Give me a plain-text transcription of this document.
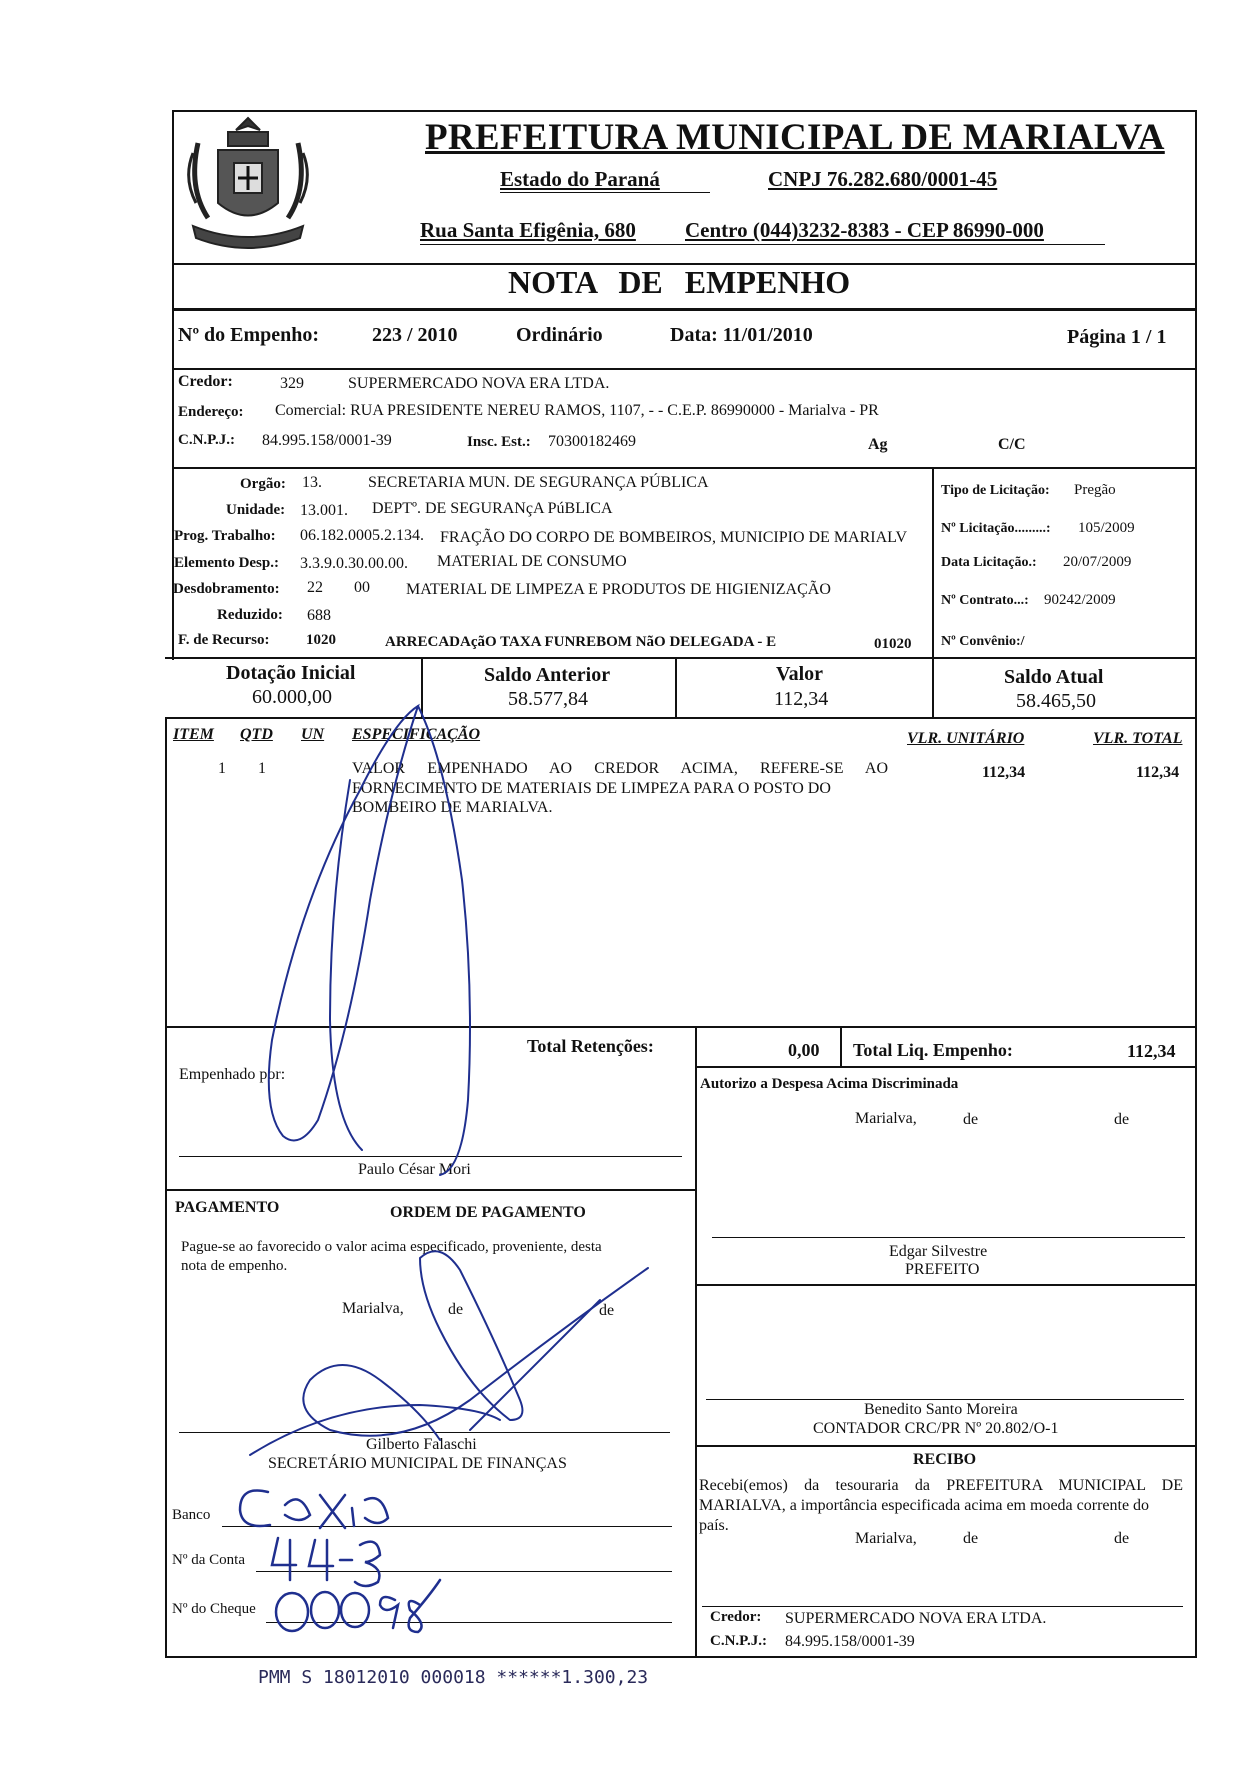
PREFEITURA MUNICIPAL DE MARIALVA
Estado do Paraná	CNPJ 76.282.680/0001-45
Rua Santa Efigênia, 680 Centro (044)3232-8383 - CEP 86990-000
NOTA DE EMPENHO
Nº do Empenho:	223 / 2010	Ordinário	Data: 11/01/2010	Página 1 / 1
Credor:	329	SUPERMERCADO NOVA ERA LTDA.
Endereço: Comercial: RUA PRESIDENTE NEREU RAMOS, 1107, - - C.E.P. 86990000 - Marialva - PR
C.N.P.J.: 84.995.158/0001-39	Insc. Est.: 70300182469	Ag	C/C
Orgão: 13.	SECRETARIA MUN. DE SEGURANÇA PÚBLICA
Unidade: 13.001. DEPTº. DE SEGURANçA PúBLICA
Prog. Trabalho: 06.182.0005.2.134. FRAÇÃO DO CORPO DE BOMBEIROS, MUNICIPIO DE MARIALV
Elemento Desp.: 3.3.9.0.30.00.00. MATERIAL DE CONSUMO
Desdobramento: 22 00 MATERIAL DE LIMPEZA E PRODUTOS DE HIGIENIZAÇÃO
Reduzido: 688
F. de Recurso: 1020	ARRECADAçãO TAXA FUNREBOM NãO DELEGADA - E	01020
Tipo de Licitação: Pregão
Nº Licitação.........: 105/2009
Data Licitação.: 20/07/2009
Nº Contrato...: 90242/2009
Nº Convênio:/
Dotação Inicial
60.000,00
Saldo Anterior
58.577,84
Valor
112,34
Saldo Atual
58.465,50
ITEM QTD UN ESPECIFICAÇÃO	VLR. UNITÁRIO	VLR. TOTAL
1 1	VALOR EMPENHADO AO CREDOR ACIMA, REFERE-SE AO
FORNECIMENTO DE MATERIAIS DE LIMPEZA PARA O POSTO DO
BOMBEIRO DE MARIALVA.
112,34	112,34
Total Retenções:	0,00 Total Liq. Empenho:	112,34
Empenhado por:
Paulo César Mori
Autorizo a Despesa Acima Discriminada
Marialva,	de	de
Edgar Silvestre
PREFEITO
PAGAMENTO	ORDEM DE PAGAMENTO
Pague-se ao favorecido o valor acima especificado, proveniente, desta
nota de empenho.
Marialva,	de	de
Gilberto Falaschi
SECRETÁRIO MUNICIPAL DE FINANÇAS
Banco
Nº da Conta
Nº do Cheque
Benedito Santo Moreira
CONTADOR CRC/PR Nº 20.802/O-1
RECIBO
Recebi(emos) da tesouraria da PREFEITURA MUNICIPAL DE
MARIALVA, a importância especificada acima em moeda corrente do
país.
Marialva,	de	de
Credor: SUPERMERCADO NOVA ERA LTDA.
C.N.P.J.: 84.995.158/0001-39
PMM S 18012010 000018 ******1.300,23
